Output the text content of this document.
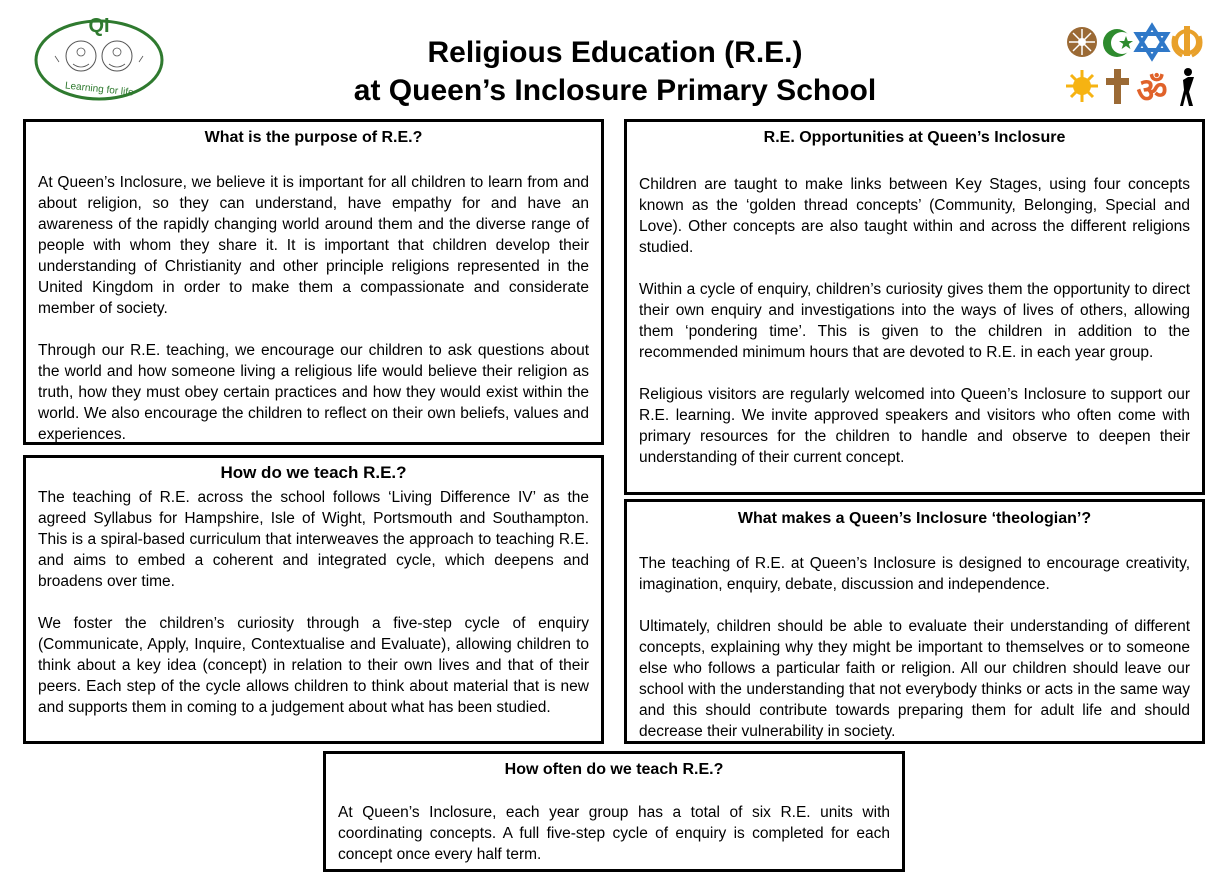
QI
Learning for life
Religious Education (R.E.)
at Queen’s Inclosure Primary School	ॐ
What is the purpose of R.E.?

At Queen’s Inclosure, we believe it is important for all children to learn from and about religion, so they can understand, have empathy for and have an awareness of the rapidly changing world around them and the diverse range of people with whom they share it. It is important that children develop their understanding of Christianity and other principle religions represented in the United Kingdom in order to make them a compassionate and considerate member of society.

Through our R.E. teaching, we encourage our children to ask questions about the world and how someone living a religious life would believe their religion as truth, how they must obey certain practices and how they would exist within the world. We also encourage the children to reflect on their own beliefs, values and experiences.

How do we teach R.E.?

The teaching of R.E. across the school follows ‘Living Difference IV’ as the agreed Syllabus for Hampshire, Isle of Wight, Portsmouth and Southampton. This is a spiral-based curriculum that interweaves the approach to teaching R.E. and aims to embed a coherent and integrated cycle, which deepens and broadens over time.

We foster the children’s curiosity through a five-step cycle of enquiry (Communicate, Apply, Inquire, Contextualise and Evaluate), allowing children to think about a key idea (concept) in relation to their own lives and that of their peers. Each step of the cycle allows children to think about material that is new and supports them in coming to a judgement about what has been studied.

R.E. Opportunities at Queen’s Inclosure

Children are taught to make links between Key Stages, using four concepts known as the ‘golden thread concepts’ (Community, Belonging, Special and Love). Other concepts are also taught within and across the different religions studied.

Within a cycle of enquiry, children’s curiosity gives them the opportunity to direct their own enquiry and investigations into the ways of lives of others, allowing them ‘pondering time’. This is given to the children in addition to the recommended minimum hours that are devoted to R.E. in each year group.

Religious visitors are regularly welcomed into Queen’s Inclosure to support our R.E. learning. We invite approved speakers and visitors who often come with primary resources for the children to handle and observe to deepen their understanding of their current concept.

What makes a Queen’s Inclosure ‘theologian’?

The teaching of R.E. at Queen’s Inclosure is designed to encourage creativity, imagination, enquiry, debate, discussion and independence.

Ultimately, children should be able to evaluate their understanding of different concepts, explaining why they might be important to themselves or to someone else who follows a particular faith or religion. All our children should leave our school with the understanding that not everybody thinks or acts in the same way and this should contribute towards preparing them for adult life and should decrease their vulnerability in society.

How often do we teach R.E.?

At Queen’s Inclosure, each year group has a total of six R.E. units with coordinating concepts. A full five-step cycle of enquiry is completed for each concept once every half term.
